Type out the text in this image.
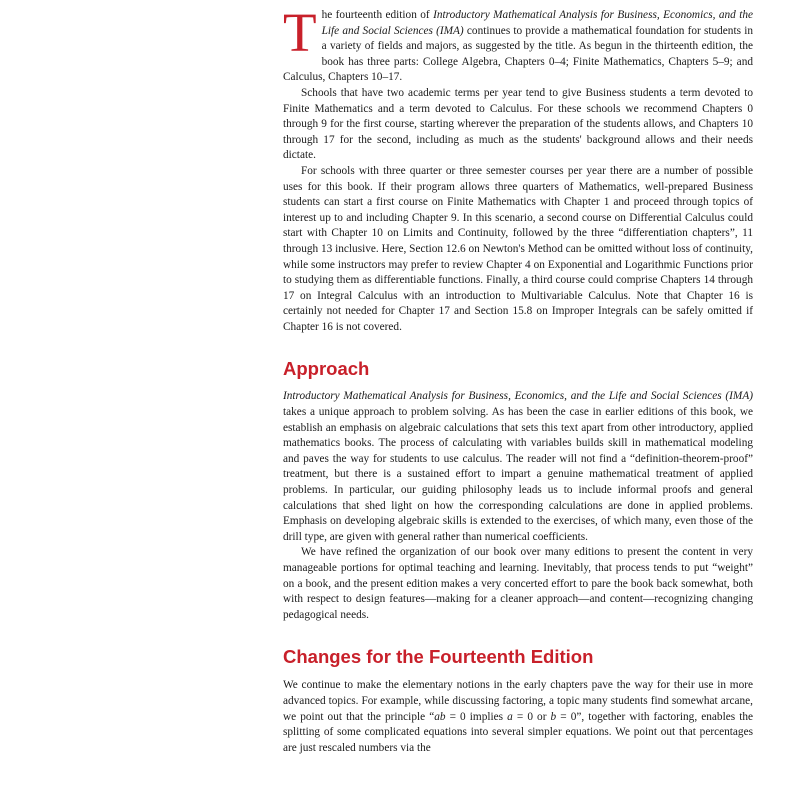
The fourteenth edition of Introductory Mathematical Analysis for Business, Economics, and the Life and Social Sciences (IMA) continues to provide a mathematical foundation for students in a variety of fields and majors, as suggested by the title. As begun in the thirteenth edition, the book has three parts: College Algebra, Chapters 0–4; Finite Mathematics, Chapters 5–9; and Calculus, Chapters 10–17.

Schools that have two academic terms per year tend to give Business students a term devoted to Finite Mathematics and a term devoted to Calculus. For these schools we recommend Chapters 0 through 9 for the first course, starting wherever the preparation of the students allows, and Chapters 10 through 17 for the second, including as much as the students' background allows and their needs dictate.

For schools with three quarter or three semester courses per year there are a number of possible uses for this book. If their program allows three quarters of Mathematics, well-prepared Business students can start a first course on Finite Mathematics with Chapter 1 and proceed through topics of interest up to and including Chapter 9. In this scenario, a second course on Differential Calculus could start with Chapter 10 on Limits and Continuity, followed by the three “differentiation chapters”, 11 through 13 inclusive. Here, Section 12.6 on Newton's Method can be omitted without loss of continuity, while some instructors may prefer to review Chapter 4 on Exponential and Logarithmic Functions prior to studying them as differentiable functions. Finally, a third course could comprise Chapters 14 through 17 on Integral Calculus with an introduction to Multivariable Calculus. Note that Chapter 16 is certainly not needed for Chapter 17 and Section 15.8 on Improper Integrals can be safely omitted if Chapter 16 is not covered.

Approach

Introductory Mathematical Analysis for Business, Economics, and the Life and Social Sciences (IMA) takes a unique approach to problem solving. As has been the case in earlier editions of this book, we establish an emphasis on algebraic calculations that sets this text apart from other introductory, applied mathematics books. The process of calculating with variables builds skill in mathematical modeling and paves the way for students to use calculus. The reader will not find a “definition-theorem-proof” treatment, but there is a sustained effort to impart a genuine mathematical treatment of applied problems. In particular, our guiding philosophy leads us to include informal proofs and general calculations that shed light on how the corresponding calculations are done in applied problems. Emphasis on developing algebraic skills is extended to the exercises, of which many, even those of the drill type, are given with general rather than numerical coefficients.

We have refined the organization of our book over many editions to present the content in very manageable portions for optimal teaching and learning. Inevitably, that process tends to put “weight” on a book, and the present edition makes a very concerted effort to pare the book back somewhat, both with respect to design features—making for a cleaner approach—and content—recognizing changing pedagogical needs.

Changes for the Fourteenth Edition

We continue to make the elementary notions in the early chapters pave the way for their use in more advanced topics. For example, while discussing factoring, a topic many students find somewhat arcane, we point out that the principle “ab = 0 implies a = 0 or b = 0”, together with factoring, enables the splitting of some complicated equations into several simpler equations. We point out that percentages are just rescaled numbers via the
